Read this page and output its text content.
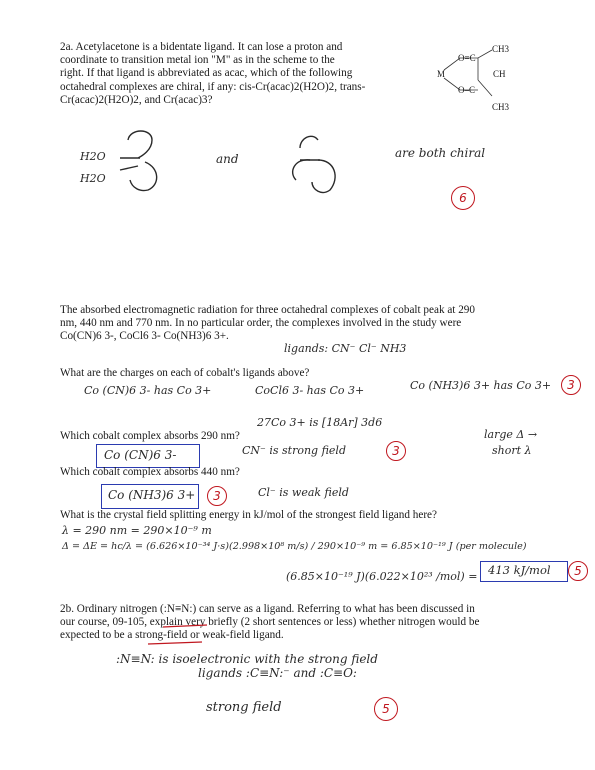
2a. Acetylacetone is a bidentate ligand. It can lose a proton and
coordinate to transition metal ion "M" as in the scheme to the
right. If that ligand is abbreviated as acac, which of the following
octahedral complexes are chiral, if any: cis-Cr(acac)2(H2O)2, trans-
Cr(acac)2(H2O)2, and Cr(acac)3?
CH3
O=C
M	CH
O–C
CH3
H2O
H2O
and	are both chiral
6
The absorbed electromagnetic radiation for three octahedral complexes of cobalt peak at 290
nm, 440 nm and 770 nm. In no particular order, the complexes involved in the study were
Co(CN)6 3-, CoCl6 3- Co(NH3)6 3+.
ligands: CN⁻ Cl⁻ NH3
What are the charges on each of cobalt's ligands above?
Co (CN)6 3- has Co 3+	CoCl6 3- has Co 3+	Co (NH3)6 3+ has Co 3+	3
Which cobalt complex absorbs 290 nm?
27Co 3+ is [18Ar] 3d6
Co (CN)6 3-	CN⁻ is strong field	3
large Δ →
short λ
Which cobalt complex absorbs 440 nm?
Co (NH3)6 3+	3	Cl⁻ is weak field
What is the crystal field splitting energy in kJ/mol of the strongest field ligand here?
λ = 290 nm = 290×10⁻⁹ m
Δ = ΔE = hc/λ = (6.626×10⁻³⁴ J·s)(2.998×10⁸ m/s) / 290×10⁻⁹ m = 6.85×10⁻¹⁹ J (per molecule)
(6.85×10⁻¹⁹ J)(6.022×10²³ /mol) = 413 kJ/mol	5
2b. Ordinary nitrogen (:N≡N:) can serve as a ligand. Referring to what has been discussed in
our course, 09-105, explain very briefly (2 short sentences or less) whether nitrogen would be
expected to be a strong-field or weak-field ligand.
:N≡N: is isoelectronic with the strong field
ligands :C≡N:⁻ and :C≡O:
strong field	5
